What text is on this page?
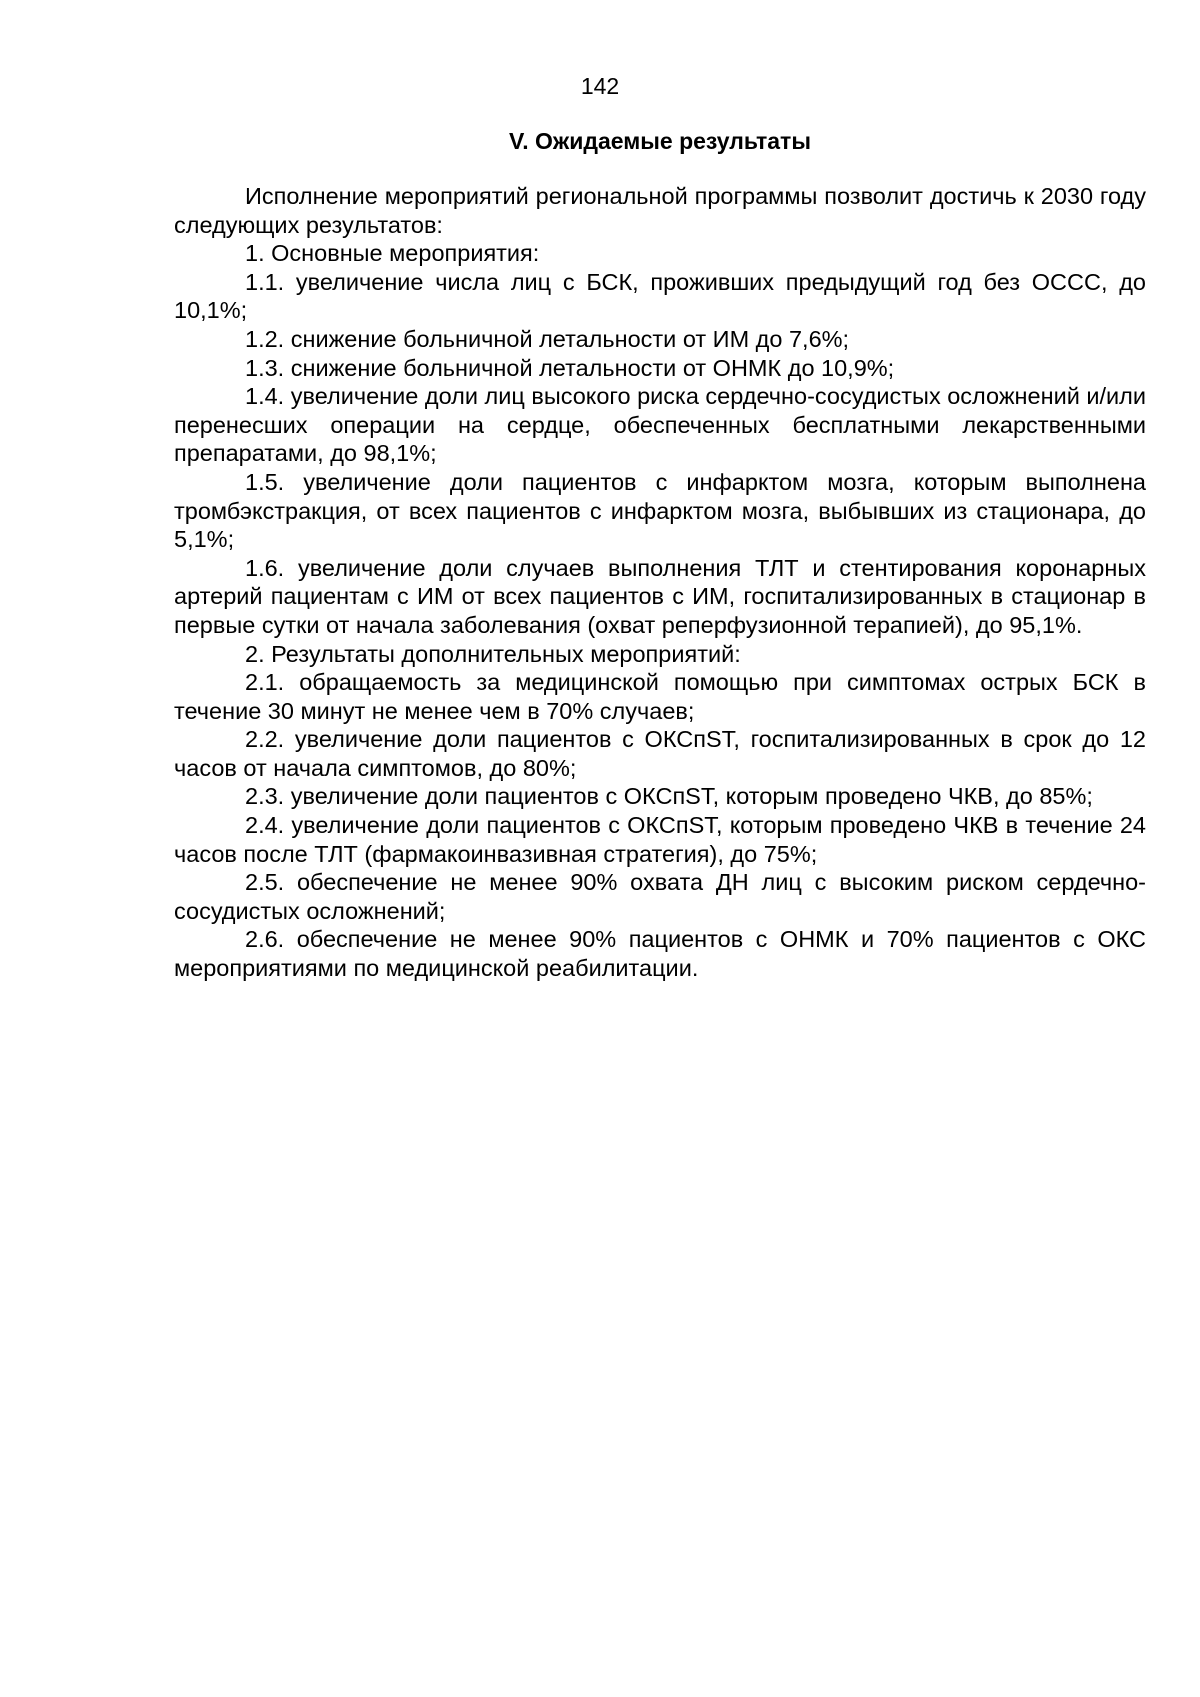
142
V. Ожидаемые результаты

Исполнение мероприятий региональной программы позволит достичь к 2030 году следующих результатов:

1. Основные мероприятия:

1.1. увеличение числа лиц с БСК, проживших предыдущий год без ОССС, до 10,1%;

1.2. снижение больничной летальности от ИМ до 7,6%;

1.3. снижение больничной летальности от ОНМК до 10,9%;

1.4. увеличение доли лиц высокого риска сердечно-сосудистых осложнений и/или перенесших операции на сердце, обеспеченных бесплатными лекарственными препаратами, до 98,1%;

1.5. увеличение доли пациентов с инфарктом мозга, которым выполнена тромбэкстракция, от всех пациентов с инфарктом мозга, выбывших из стационара, до 5,1%;

1.6. увеличение доли случаев выполнения ТЛТ и стентирования коронарных артерий пациентам с ИМ от всех пациентов с ИМ, госпитализированных в стационар в первые сутки от начала заболевания (охват реперфузионной терапией), до 95,1%.

2. Результаты дополнительных мероприятий:

2.1. обращаемость за медицинской помощью при симптомах острых БСК в течение 30 минут не менее чем в 70% случаев;

2.2. увеличение доли пациентов с ОКСпST, госпитализированных в срок до 12 часов от начала симптомов, до 80%;

2.3. увеличение доли пациентов с ОКСпST, которым проведено ЧКВ, до 85%;

2.4. увеличение доли пациентов с ОКСпST, которым проведено ЧКВ в течение 24 часов после ТЛТ (фармакоинвазивная стратегия), до 75%;

2.5. обеспечение не менее 90% охвата ДН лиц с высоким риском сердечно-сосудистых осложнений;

2.6. обеспечение не менее 90% пациентов с ОНМК и 70% пациентов с ОКС мероприятиями по медицинской реабилитации.
